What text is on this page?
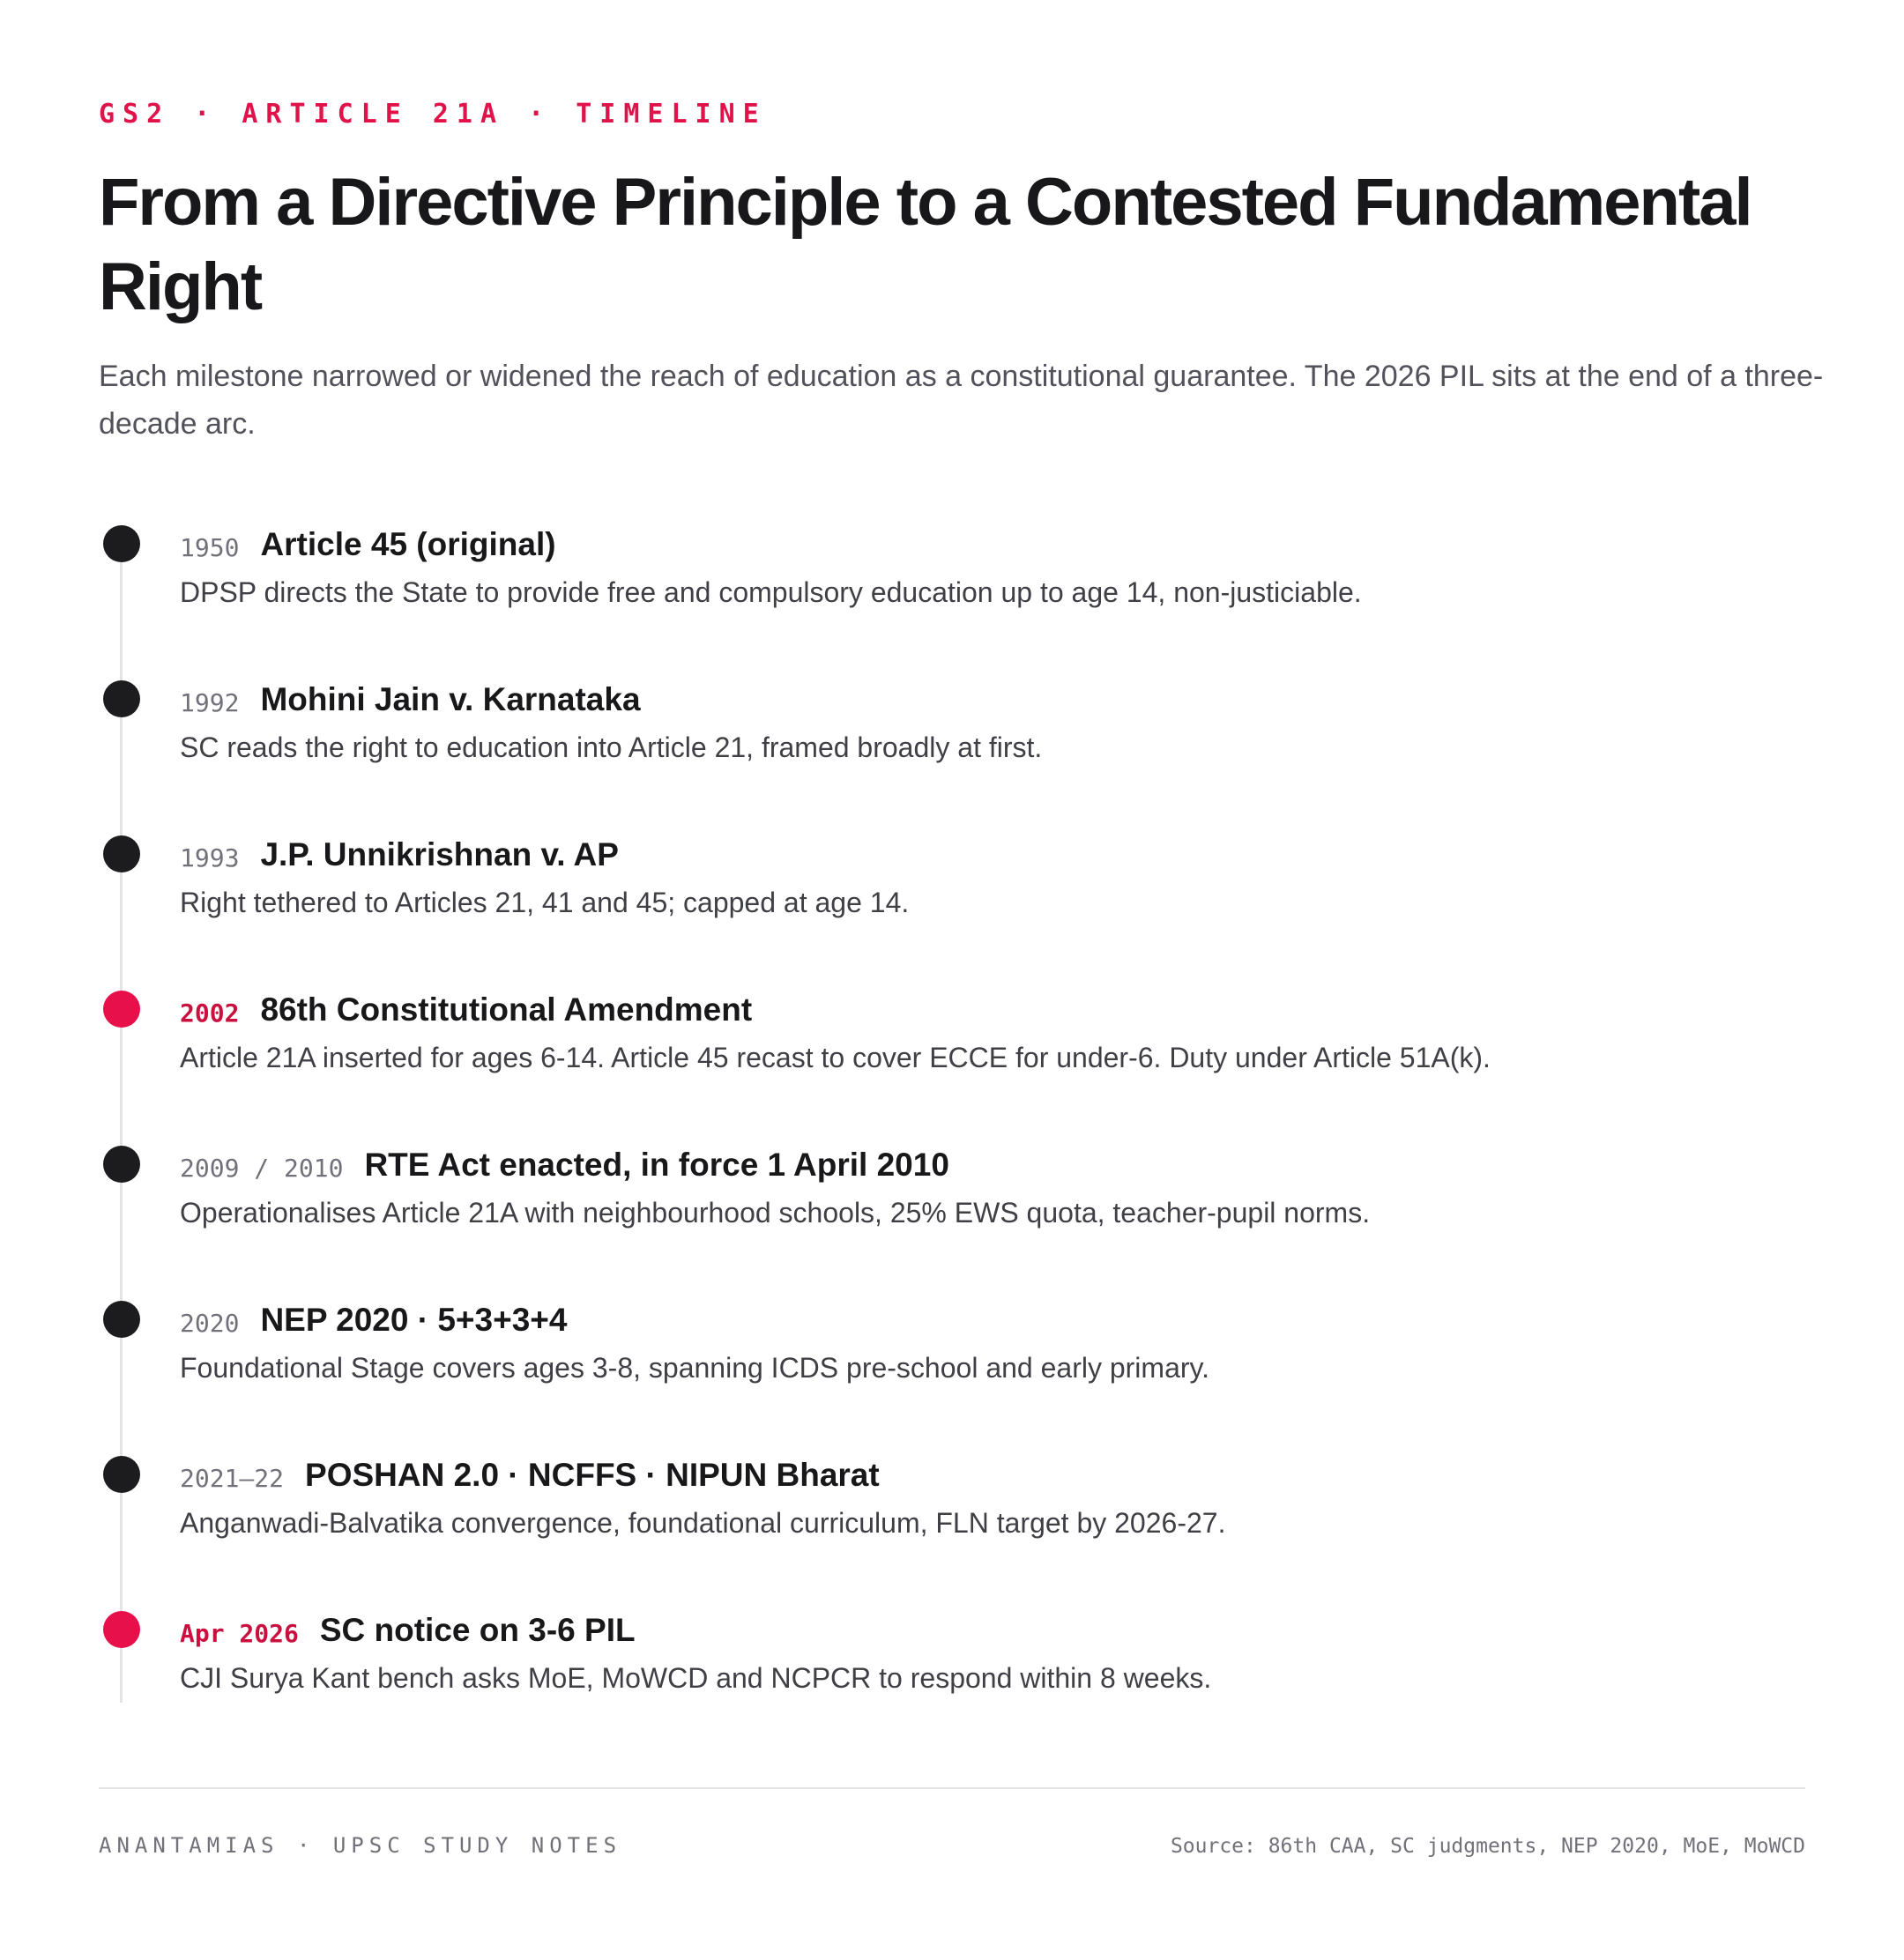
GS2 · ARTICLE 21A · TIMELINE
From a Directive Principle to a Contested Fundamental Right

Each milestone narrowed or widened the reach of education as a constitutional guarantee. The 2026 PIL sits at the end of a three-decade arc.

1950 Article 45 (original)
DPSP directs the State to provide free and compulsory education up to age 14, non-justiciable.
1992 Mohini Jain v. Karnataka
SC reads the right to education into Article 21, framed broadly at first.
1993 J.P. Unnikrishnan v. AP
Right tethered to Articles 21, 41 and 45; capped at age 14.
2002 86th Constitutional Amendment
Article 21A inserted for ages 6-14. Article 45 recast to cover ECCE for under-6. Duty under Article 51A(k).
2009 / 2010 RTE Act enacted, in force 1 April 2010
Operationalises Article 21A with neighbourhood schools, 25% EWS quota, teacher-pupil norms.
2020 NEP 2020 · 5+3+3+4
Foundational Stage covers ages 3-8, spanning ICDS pre-school and early primary.
2021–22 POSHAN 2.0 · NCFFS · NIPUN Bharat
Anganwadi-Balvatika convergence, foundational curriculum, FLN target by 2026-27.
Apr 2026 SC notice on 3-6 PIL
CJI Surya Kant bench asks MoE, MoWCD and NCPCR to respond within 8 weeks.
ANANTAMIAS · UPSC STUDY NOTES	Source: 86th CAA, SC judgments, NEP 2020, MoE, MoWCD
